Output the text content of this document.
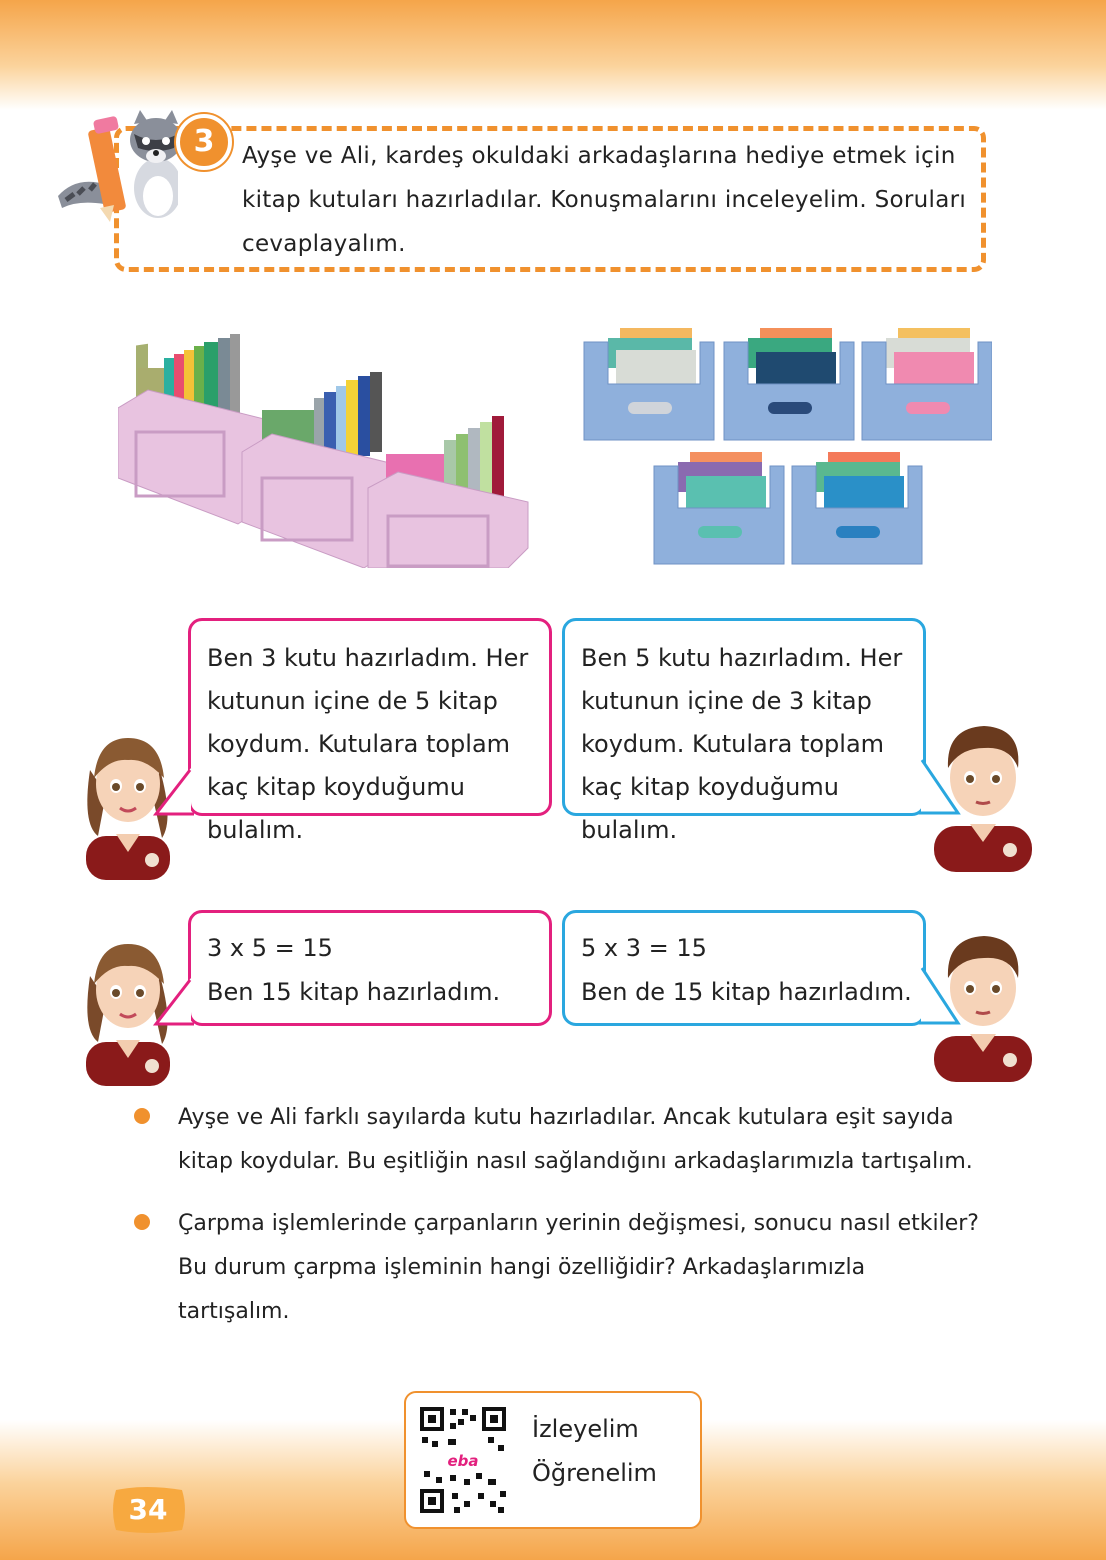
3	Ayşe ve Ali, kardeş okuldaki arkadaşlarına hediye etmek için kitap kutuları hazırladılar. Konuşmalarını inceleyelim. Soruları cevaplayalım.
Ben 3 kutu hazırladım. Her kutunun içine de 5 kitap koydum. Kutulara toplam kaç kitap koyduğumu bulalım.
Ben 5 kutu hazırladım. Her kutunun içine de 3 kitap koydum. Kutulara toplam kaç kitap koyduğumu bulalım.
3 x 5 = 15
Ben 15 kitap hazırladım.
5 x 3 = 15
Ben de 15 kitap hazırladım.
Ayşe ve Ali farklı sayılarda kutu hazırladılar. Ancak kutulara eşit sayıda kitap koydular. Bu eşitliğin nasıl sağlandığını arkadaşlarımızla tartışalım.
Çarpma işlemlerinde çarpanların yerinin değişmesi, sonucu nasıl etkiler? Bu durum çarpma işleminin hangi özelliğidir? Arkadaşlarımızla tartışalım.
eba
İzleyelim
Öğrenelim
34
